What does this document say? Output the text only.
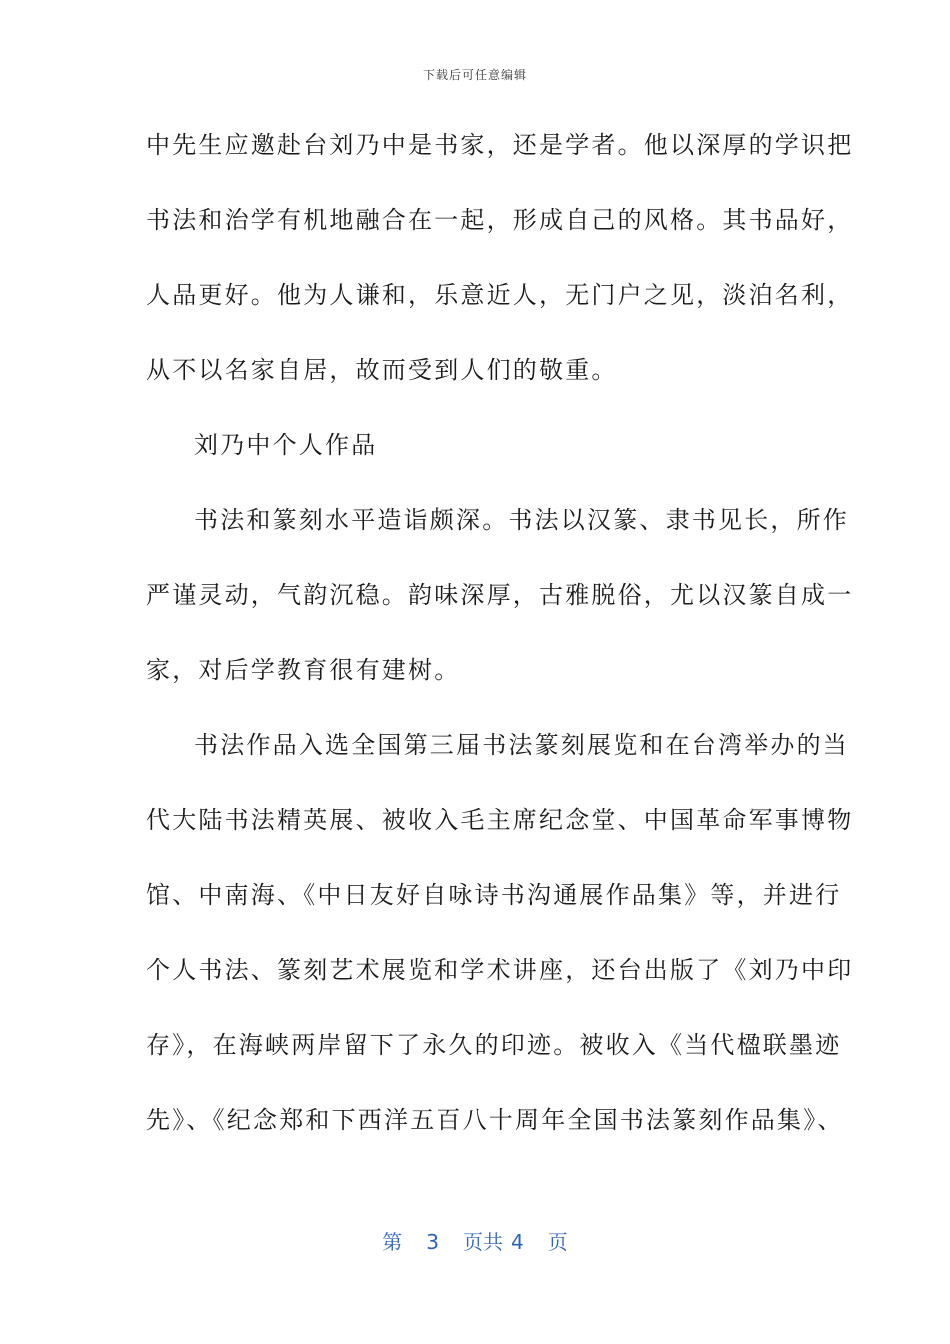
下载后可任意编辑
中先生应邀赴台刘乃中是书家，还是学者。他以深厚的学识把
书法和治学有机地融合在一起，形成自己的风格。其书品好，
人品更好。他为人谦和，乐意近人，无门户之见，淡泊名利，
从不以名家自居，故而受到人们的敬重。
刘乃中个人作品
书法和篆刻水平造诣颇深。书法以汉篆、隶书见长，所作
严谨灵动，气韵沉稳。韵味深厚，古雅脱俗，尤以汉篆自成一
家，对后学教育很有建树。
书法作品入选全国第三届书法篆刻展览和在台湾举办的当
代大陆书法精英展、被收入毛主席纪念堂、中国革命军事博物
馆、中南海、《中日友好自咏诗书沟通展作品集》等，并进行
个人书法、篆刻艺术展览和学术讲座，还台出版了《刘乃中印
存》，在海峡两岸留下了永久的印迹。被收入《当代楹联墨迹
先》、《纪念郑和下西洋五百八十周年全国书法篆刻作品集》、
第 3 页共 4 页
